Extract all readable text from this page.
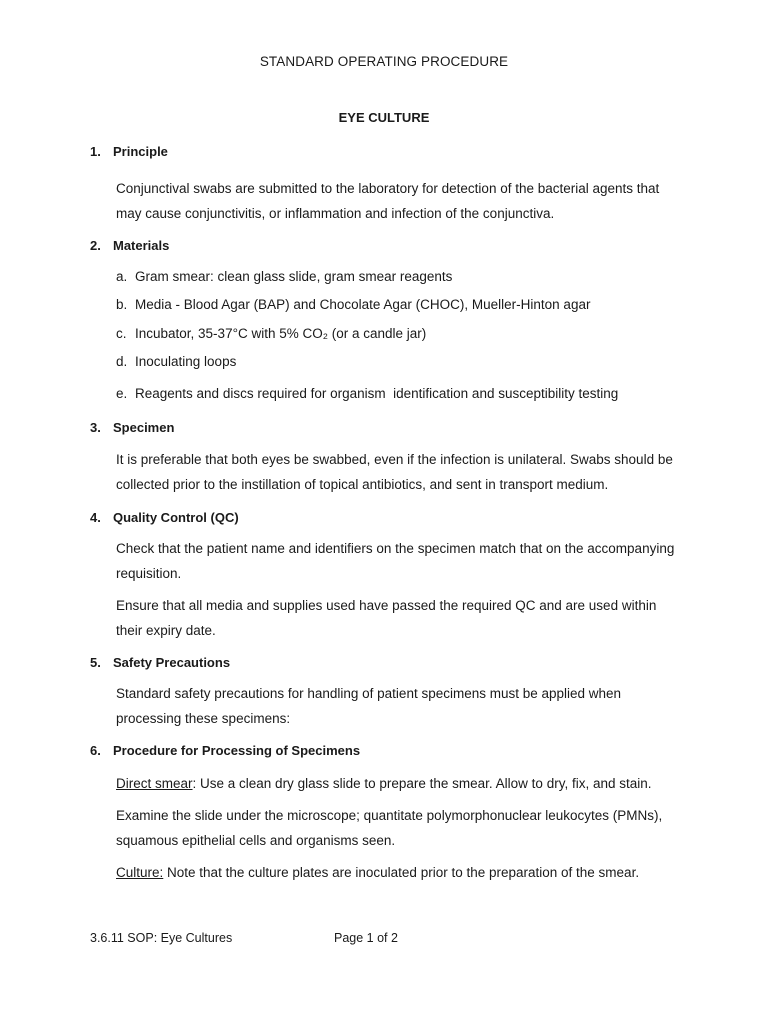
STANDARD OPERATING PROCEDURE
EYE CULTURE
1. Principle
Conjunctival swabs are submitted to the laboratory for detection of the bacterial agents that may cause conjunctivitis, or inflammation and infection of the conjunctiva.
2. Materials
a. Gram smear: clean glass slide, gram smear reagents
b. Media - Blood Agar (BAP) and Chocolate Agar (CHOC), Mueller-Hinton agar
c. Incubator, 35-37°C with 5% CO₂ (or a candle jar)
d. Inoculating loops
e. Reagents and discs required for organism  identification and susceptibility testing
3. Specimen
It is preferable that both eyes be swabbed, even if the infection is unilateral. Swabs should be collected prior to the instillation of topical antibiotics, and sent in transport medium.
4. Quality Control (QC)
Check that the patient name and identifiers on the specimen match that on the accompanying requisition.
Ensure that all media and supplies used have passed the required QC and are used within their expiry date.
5. Safety Precautions
Standard safety precautions for handling of patient specimens must be applied when processing these specimens:
6. Procedure for Processing of Specimens
Direct smear: Use a clean dry glass slide to prepare the smear. Allow to dry, fix, and stain.
Examine the slide under the microscope; quantitate polymorphonuclear leukocytes (PMNs), squamous epithelial cells and organisms seen.
Culture: Note that the culture plates are inoculated prior to the preparation of the smear.
3.6.11 SOP: Eye Cultures	Page 1 of 2
